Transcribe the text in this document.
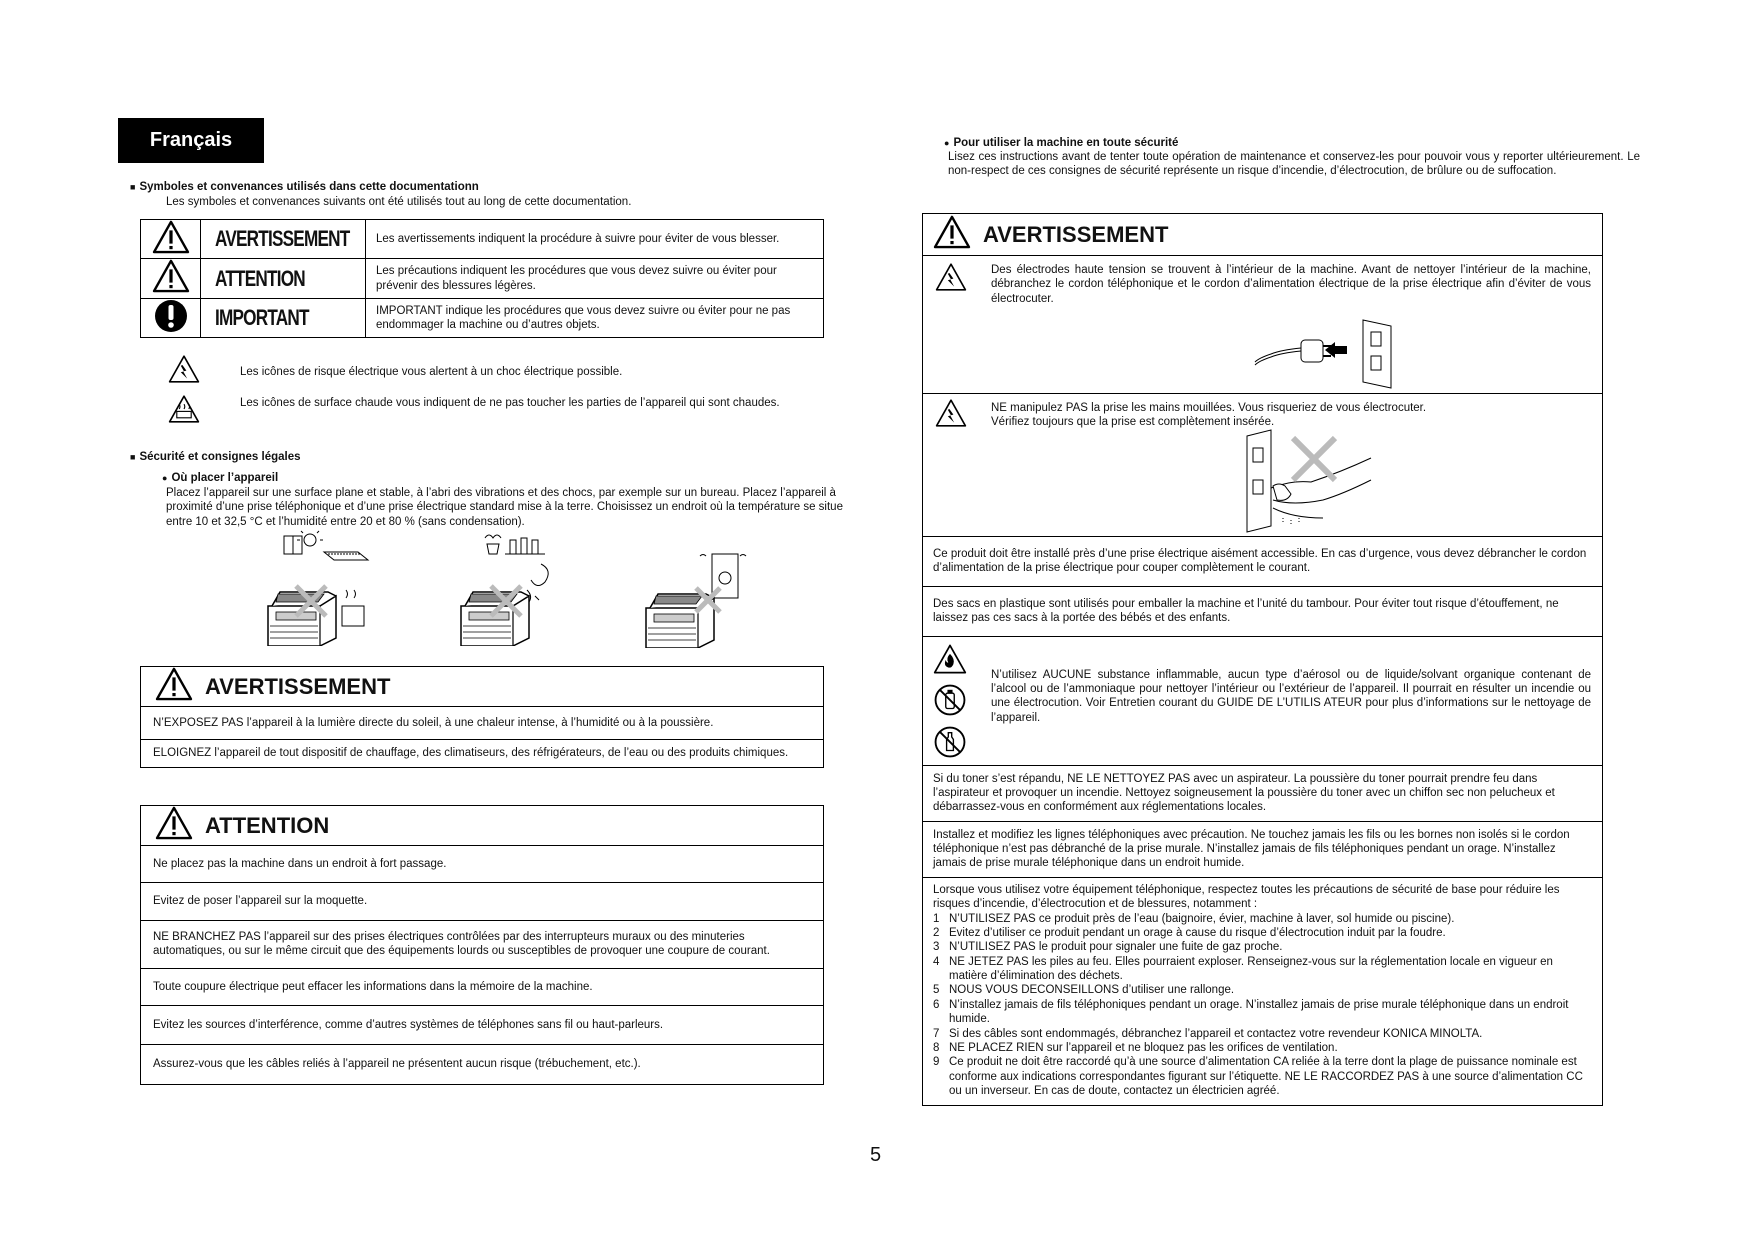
Français
■ Symboles et convenances utilisés dans cette documentationn
Les symboles et convenances suivants ont été utilisés tout au long de cette documentation.
	AVERTISSEMENT	Les avertissements indiquent la procédure à suivre pour éviter de vous blesser.
	ATTENTION	Les précautions indiquent les procédures que vous devez suivre ou éviter pour prévenir des blessures légères.
	IMPORTANT	IMPORTANT indique les procédures que vous devez suivre ou éviter pour ne pas endommager la machine ou d’autres objets.
Les icônes de risque électrique vous alertent à un choc électrique possible.
Les icônes de surface chaude vous indiquent de ne pas toucher les parties de l’appareil qui sont chaudes.
■ Sécurité et consignes légales
● Où placer l’appareil
Placez l’appareil sur une surface plane et stable, à l’abri des vibrations et des chocs, par exemple sur un bureau. Placez l’appareil à proximité d’une prise téléphonique et d’une prise électrique standard mise à la terre. Choisissez un endroit où la température se situe entre 10 et 32,5 °C et l’humidité entre 20 et 80 % (sans condensation).
AVERTISSEMENT
N’EXPOSEZ PAS l’appareil à la lumière directe du soleil, à une chaleur intense, à l’humidité ou à la poussière.
ELOIGNEZ l’appareil de tout dispositif de chauffage, des climatiseurs, des réfrigérateurs, de l’eau ou des produits chimiques.
ATTENTION
Ne placez pas la machine dans un endroit à fort passage.
Evitez de poser l’appareil sur la moquette.
NE BRANCHEZ PAS l’appareil sur des prises électriques contrôlées par des interrupteurs muraux ou des minuteries automatiques, ou sur le même circuit que des équipements lourds ou susceptibles de provoquer une coupure de courant.
Toute coupure électrique peut effacer les informations dans la mémoire de la machine.
Evitez les sources d’interférence, comme d’autres systèmes de téléphones sans fil ou haut-parleurs.
Assurez-vous que les câbles reliés à l’appareil ne présentent aucun risque (trébuchement, etc.).
● Pour utiliser la machine en toute sécurité
Lisez ces instructions avant de tenter toute opération de maintenance et conservez-les pour pouvoir vous y reporter ultérieurement. Le non-respect de ces consignes de sécurité représente un risque d’incendie, d’électrocution, de brûlure ou de suffocation.
AVERTISSEMENT
Des électrodes haute tension se trouvent à l’intérieur de la machine. Avant de nettoyer l’intérieur de la machine, débranchez le cordon téléphonique et le cordon d’alimentation électrique de la prise électrique afin d’éviter de vous électrocuter.
NE manipulez PAS la prise les mains mouillées. Vous risqueriez de vous électrocuter.
Vérifiez toujours que la prise est complètement insérée.
Ce produit doit être installé près d’une prise électrique aisément accessible. En cas d’urgence, vous devez débrancher le cordon d’alimentation de la prise électrique pour couper complètement le courant.
Des sacs en plastique sont utilisés pour emballer la machine et l’unité du tambour. Pour éviter tout risque d’étouffement, ne laissez pas ces sacs à la portée des bébés et des enfants.
N’utilisez AUCUNE substance inflammable, aucun type d’aérosol ou de liquide/solvant organique contenant de l’alcool ou de l’ammoniaque pour nettoyer l’intérieur ou l’extérieur de l’appareil. Il pourrait en résulter un incendie ou une électrocution. Voir Entretien courant du GUIDE DE L’UTILIS ATEUR pour plus d’informations sur le nettoyage de l’appareil.
Si du toner s’est répandu, NE LE NETTOYEZ PAS avec un aspirateur. La poussière du toner pourrait prendre feu dans l’aspirateur et provoquer un incendie. Nettoyez soigneusement la poussière du toner avec un chiffon sec non pelucheux et débarrassez-vous en conformément aux réglementations locales.
Installez et modifiez les lignes téléphoniques avec précaution. Ne touchez jamais les fils ou les bornes non isolés si le cordon téléphonique n’est pas débranché de la prise murale. N’installez jamais de fils téléphoniques pendant un orage. N’installez jamais de prise murale téléphonique dans un endroit humide.
Lorsque vous utilisez votre équipement téléphonique, respectez toutes les précautions de sécurité de base pour réduire les risques d’incendie, d’électrocution et de blessures, notamment :
1 N’UTILISEZ PAS ce produit près de l’eau (baignoire, évier, machine à laver, sol humide ou piscine).
2 Evitez d’utiliser ce produit pendant un orage à cause du risque d’électrocution induit par la foudre.
3 N’UTILISEZ PAS le produit pour signaler une fuite de gaz proche.
4 NE JETEZ PAS les piles au feu. Elles pourraient exploser. Renseignez-vous sur la réglementation locale en vigueur en matière d’élimination des déchets.
5 NOUS VOUS DECONSEILLONS d’utiliser une rallonge.
6 N’installez jamais de fils téléphoniques pendant un orage. N’installez jamais de prise murale téléphonique dans un endroit humide.
7 Si des câbles sont endommagés, débranchez l’appareil et contactez votre revendeur KONICA MINOLTA.
8 NE PLACEZ RIEN sur l’appareil et ne bloquez pas les orifices de ventilation.
9 Ce produit ne doit être raccordé qu’à une source d’alimentation CA reliée à la terre dont la plage de puissance nominale est conforme aux indications correspondantes figurant sur l’étiquette. NE LE RACCORDEZ PAS à une source d’alimentation CC ou un inverseur. En cas de doute, contactez un électricien agréé.
5
